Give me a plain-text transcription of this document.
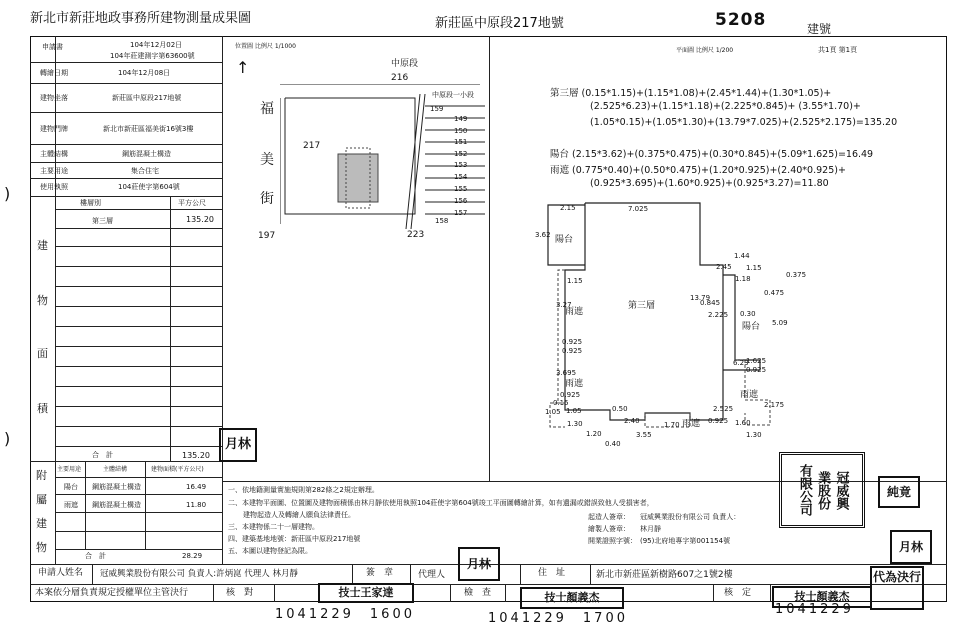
新北市新莊地政事務所建物測量成果圖	新莊區中原段217地號	5208	建號
)
)
申請書	104年12月02日
104年莊建測字第63600號
轉繪日期	104年12月08日
建物坐落	新莊區中原段217地號
建物門牌	新北市新莊區福美街16號3樓
主體結構	鋼筋混凝土構造
主要用途	集合住宅
使用執照	104莊使字第604號
樓層別	平方公尺
第三層	135.20
建
物
面
積
合　計	135.20
附
屬
建
物
主要用途	主體結構	建物面積(平方公尺)
陽台 鋼筋混凝土構造	16.49
雨遮 鋼筋混凝土構造	11.80
合　計	28.29
月林
位置圖 比例尺 1/1000
↑	中原段
216
福
美
街
217
197	223
中原段一小段
159
149
150
151
152
153
154
155
156
157
158
平面圖 比例尺 1/200	共1頁 第1頁
第三層 (0.15*1.15)+(1.15*1.08)+(2.45*1.44)+(1.30*1.05)+
(2.525*6.23)+(1.15*1.18)+(2.225*0.845)+ (3.55*1.70)+
(1.05*0.15)+(1.05*1.30)+(13.79*7.025)+(2.525*2.175)=135.20
陽台 (2.15*3.62)+(0.375*0.475)+(0.30*0.845)+(5.09*1.625)=16.49
雨遮 (0.775*0.40)+(0.50*0.475)+(1.20*0.925)+(2.40*0.925)+
(0.925*3.695)+(1.60*0.925)+(0.925*3.27)=11.80
第三層
陽台
陽台
雨遮
雨遮
雨遮
雨遮
2.15	7.025
3.62
2.45
1.44
1.15
1.15	1.18
0.475
0.375
3.27
13.79
0.845
2.225 0.30
5.09
0.925
0.925
3.695
1.625
6.23
0.925
1.05
0.15
1.05	0.50
1.30
1.20	3.55
1.70
0.40
2.525
0.925
2.175
1.30
1.60
0.925
2.40
一、依地籍測量實施規則第282條之2規定辦理。
二、本建物平面圖、位置圖及建物面積係由林月靜依使用執照104莊使字第604號竣工平面圖轉繪計算，如有遺漏或錯誤致他人受損害者，
建物起造人及轉繪人願負法律責任。
三、本建物係二十一層建物。
四、建築基地地號：新莊區中原段217地號
五、本圖以建物登記為限。
起造人簽章： 冠威興業股份有限公司 負責人：
繪製人簽章： 林月靜
開業證照字號： (95)北府地專字第001154號
有限公司 業股份 冠威興	純竟
月林
申請人姓名 冠威興業股份有限公司 負責人:許炳崑 代理人 林月靜	簽　章	代理人	住　址	新北市新莊區新樹路607之1號2樓
本案依分層負責規定授權單位主管決行	核　對	檢　查	核　定
月林
技士王家達	技士顏義杰	技士顏義杰
代為決行
1041229　1600	1041229　1700
1041229
